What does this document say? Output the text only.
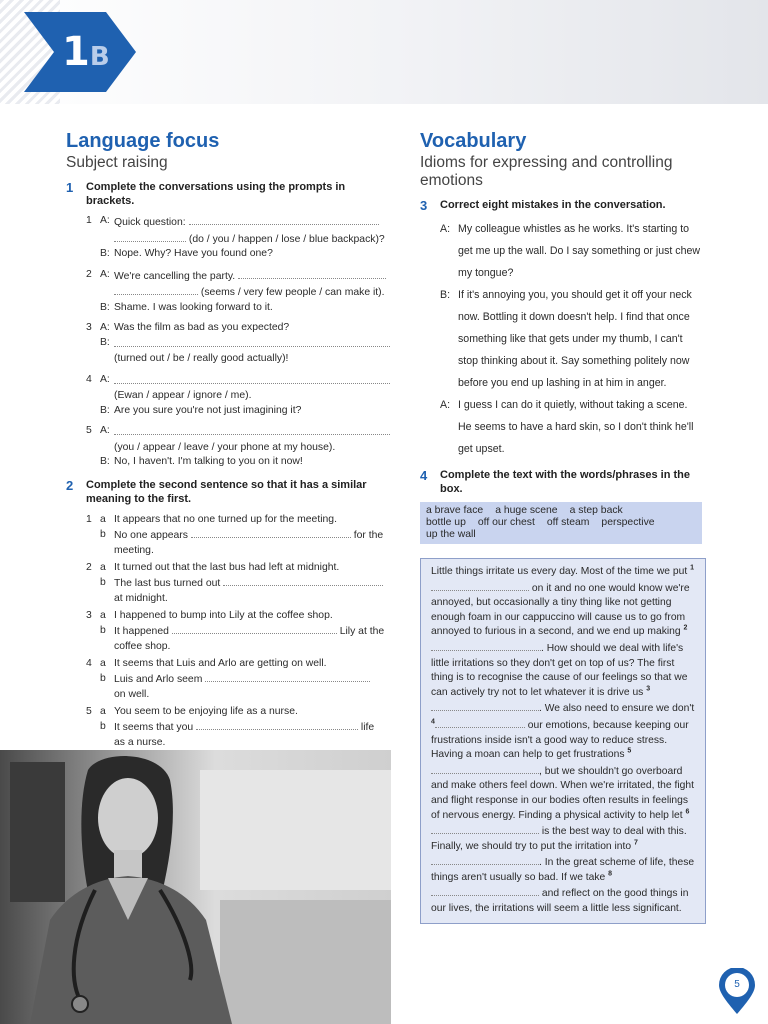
1B
Language focus
Subject raising
1 Complete the conversations using the prompts in brackets.
1 A: Quick question:
(do / you / happen / lose / blue backpack)?
B: Nope. Why? Have you found one?
2 A: We're cancelling the party.
(seems / very few people / can make it).
B: Shame. I was looking forward to it.
3 A: Was the film as bad as you expected?
B:
(turned out / be / really good actually)!
4 A:
(Ewan / appear / ignore / me).
B: Are you sure you're not just imagining it?
5 A:
(you / appear / leave / your phone at my house).
B: No, I haven't. I'm talking to you on it now!
2 Complete the second sentence so that it has a similar meaning to the first.
1 a It appears that no one turned up for the meeting.
b No one appears	for the
meeting.
2 a It turned out that the last bus had left at midnight.
b The last bus turned out
at midnight.
3 a I happened to bump into Lily at the coffee shop.
b It happened	Lily at the
coffee shop.
4 a It seems that Luis and Arlo are getting on well.
b Luis and Arlo seem
on well.
5 a You seem to be enjoying life as a nurse.
b It seems that you	life
as a nurse.
Vocabulary
Idioms for expressing and controlling emotions
3 Correct eight mistakes in the conversation.
A: My colleague whistles as he works. It's starting to
get me up the wall. Do I say something or just chew
my tongue?
B: If it's annoying you, you should get it off your neck
now. Bottling it down doesn't help. I find that once
something like that gets under my thumb, I can't
stop thinking about it. Say something politely now
before you end up lashing in at him in anger.
A: I guess I can do it quietly, without taking a scene.
He seems to have a hard skin, so I don't think he'll
get upset.
4 Complete the text with the words/phrases in the box.
a brave face a huge scene a step back
bottle up off our chest off steam perspective
up the wall
Little things irritate us every day. Most of the time we put $^1$ on it and no one would know we're annoyed, but occasionally a tiny thing like not getting enough foam in our cappuccino will cause us to go from annoyed to furious in a second, and we end up making $^2$. How should we deal with life's little irritations so they don't get on top of us? The first thing is to recognise the cause of our feelings so that we can actively try not to let whatever it is drive us $^3$. We also need to ensure we don't $^4$	our emotions, because keeping our frustrations inside isn't a good way to reduce stress. Having a moan can help to get frustrations $^5$, but we shouldn't go overboard and make others feel down. When we're irritated, the fight and flight response in our bodies often results in feelings of nervous energy. Finding a physical activity to help let $^6$ is the best way to deal with this. Finally, we should try to put the irritation into $^7$. In the great scheme of life, these things aren't usually so bad. If we take $^8$ and reflect on the good things in our lives, the irritations will seem a little less significant.
5
